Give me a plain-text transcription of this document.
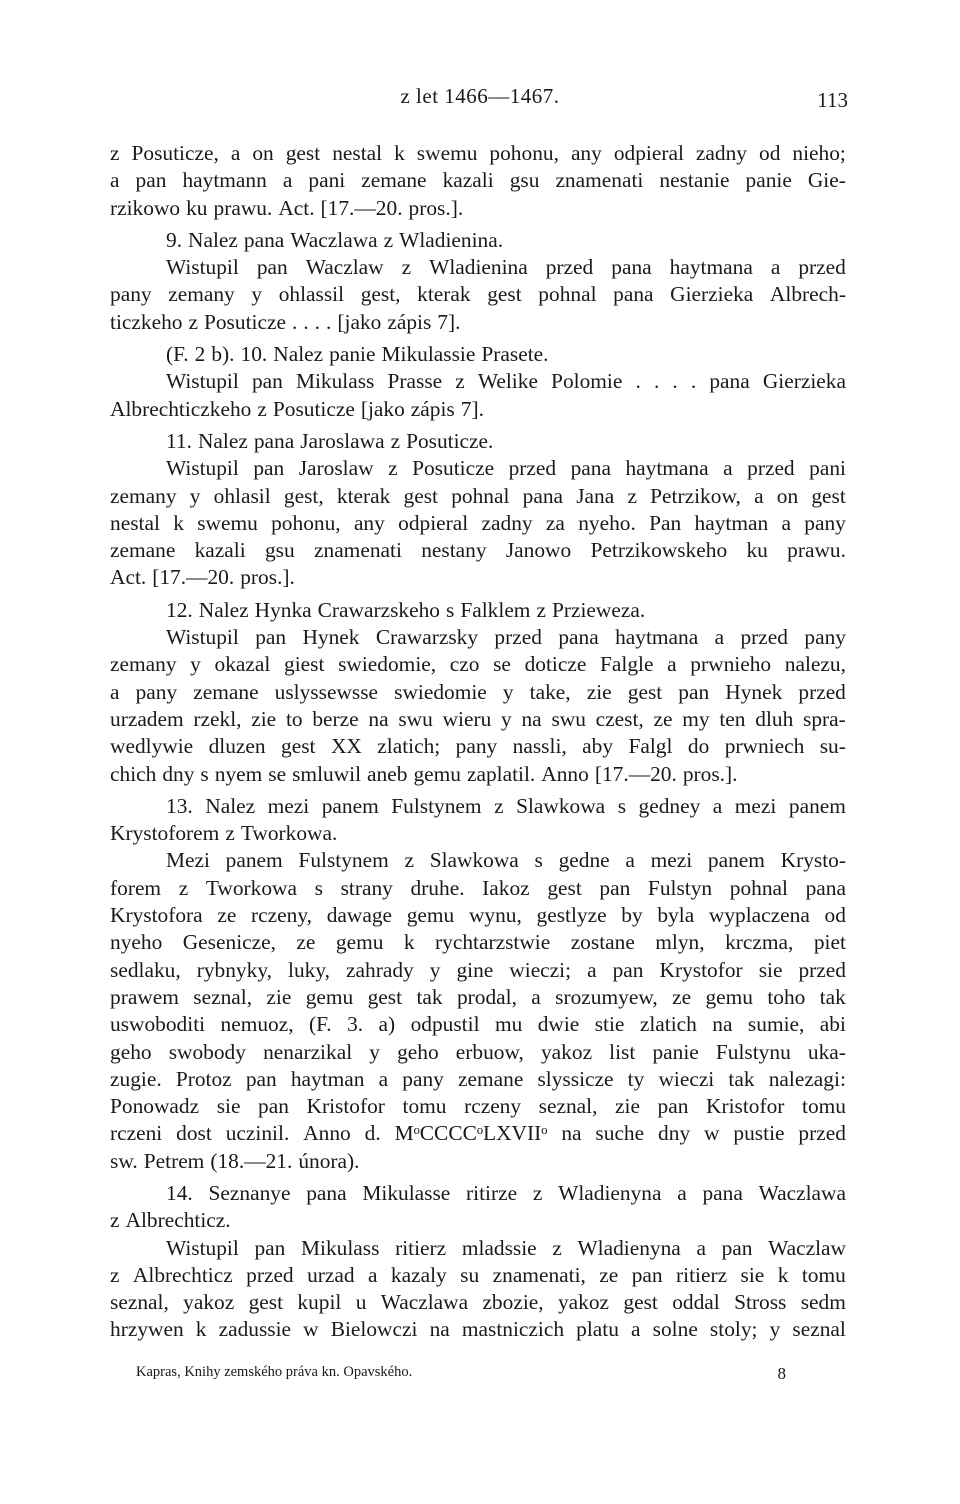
z let 1466—1467.	113
z Posuticze, a on gest nestal k swemu pohonu, any odpieral zadny od nieho;
a pan haytmann a pani zemane kazali gsu znamenati nestanie panie Gie-
rzikowo ku prawu. Act. [17.—20. pros.].
9. Nalez pana Waczlawa z Wladienina.
Wistupil pan Waczlaw z Wladienina przed pana haytmana a przed
pany zemany y ohlassil gest, kterak gest pohnal pana Gierzieka Albrech-
ticzkeho z Posuticze . . . . [jako zápis 7].
(F. 2 b). 10. Nalez panie Mikulassie Prasete.
Wistupil pan Mikulass Prasse z Welike Polomie . . . . pana Gierzieka
Albrechticzkeho z Posuticze [jako zápis 7].
11. Nalez pana Jaroslawa z Posuticze.
Wistupil pan Jaroslaw z Posuticze przed pana haytmana a przed pani
zemany y ohlasil gest, kterak gest pohnal pana Jana z Petrzikow, a on gest
nestal k swemu pohonu, any odpieral zadny za nyeho. Pan haytman a pany
zemane kazali gsu znamenati nestany Janowo Petrzikowskeho ku prawu.
Act. [17.—20. pros.].
12. Nalez Hynka Crawarzskeho s Falklem z Przieweza.
Wistupil pan Hynek Crawarzsky przed pana haytmana a przed pany
zemany y okazal giest swiedomie, czo se doticze Falgle a prwnieho nalezu,
a pany zemane uslyssewsse swiedomie y take, zie gest pan Hynek przed
urzadem rzekl, zie to berze na swu wieru y na swu czest, ze my ten dluh spra-
wedlywie dluzen gest XX zlatich; pany nassli, aby Falgl do prwniech su-
chich dny s nyem se smluwil aneb gemu zaplatil. Anno [17.—20. pros.].
13. Nalez mezi panem Fulstynem z Slawkowa s gedney a mezi panem
Krystoforem z Tworkowa.
Mezi panem Fulstynem z Slawkowa s gedne a mezi panem Krysto-
forem z Tworkowa s strany druhe. Iakoz gest pan Fulstyn pohnal pana
Krystofora ze rczeny, dawage gemu wynu, gestlyze by byla wyplaczena od
nyeho Gesenicze, ze gemu k rychtarzstwie zostane mlyn, krczma, piet
sedlaku, rybnyky, luky, zahrady y gine wieczi; a pan Krystofor sie przed
prawem seznal, zie gemu gest tak prodal, a srozumyew, ze gemu toho tak
uswoboditi nemuoz, (F. 3. a) odpustil mu dwie stie zlatich na sumie, abi
geho swobody nenarzikal y geho erbuow, yakoz list panie Fulstynu uka-
zugie. Protoz pan haytman a pany zemane slyssicze ty wieczi tak nalezagi:
Ponowadz sie pan Kristofor tomu rczeny seznal, zie pan Kristofor tomu
rczeni dost uczinil. Anno d. MᵒCCCCᵒLXVIIᵒ na suche dny w pustie przed
sw. Petrem (18.—21. února).
14. Seznanye pana Mikulasse ritirze z Wladienyna a pana Waczlawa
z Albrechticz.
Wistupil pan Mikulass ritierz mladssie z Wladienyna a pan Waczlaw
z Albrechticz przed urzad a kazaly su znamenati, ze pan ritierz sie k tomu
seznal, yakoz gest kupil u Waczlawa zbozie, yakoz gest oddal Stross sedm
hrzywen k zadussie w Bielowczi na mastniczich platu a solne stoly; y seznal
Kapras, Knihy zemského práva kn. Opavského.	8
